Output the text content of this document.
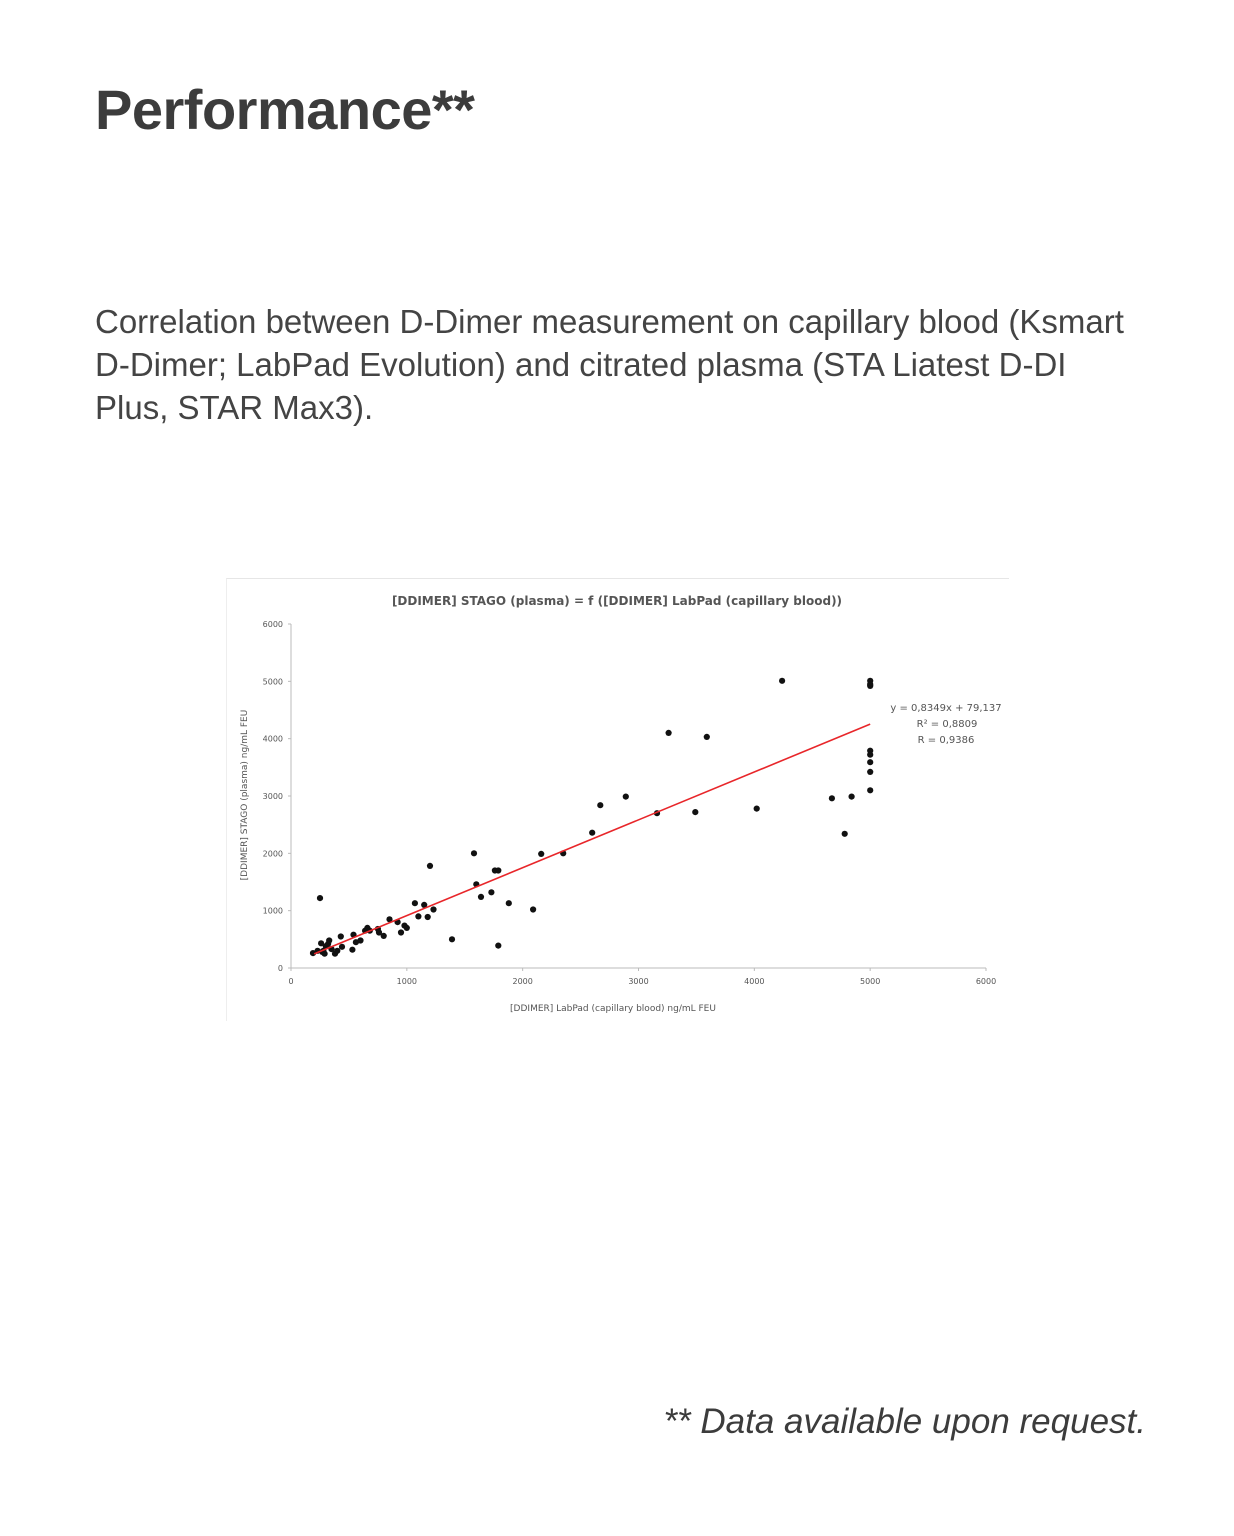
Performance**

Correlation between D-Dimer measurement on capillary blood (Ksmart D-Dimer; LabPad Evolution) and citrated plasma (STA Liatest D-DI Plus, STAR Max3).

[DDIMER] STAGO (plasma) = f ([DDIMER] LabPad (capillary blood))
0	1000	2000	3000	4000	5000	6000
0
1000
2000
3000
4000
5000
6000
[DDIMER] LabPad (capillary blood) ng/mL FEU
[DDIMER] STAGO (plasma) ng/mL FEU
y = 0,8349x + 79,137
R² = 0,8809
R = 0,9386

** Data available upon request.
